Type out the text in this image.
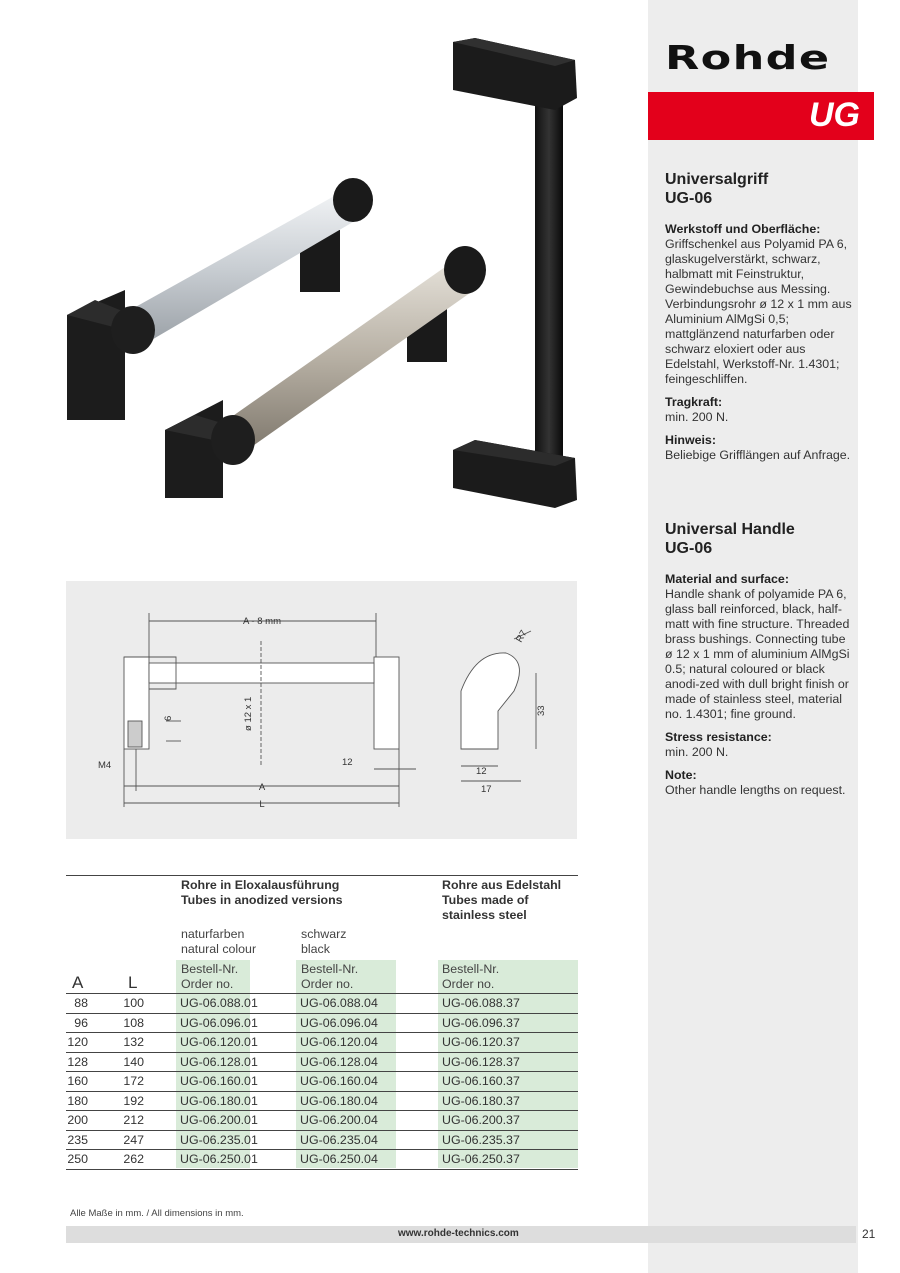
Rohde
UG
Universalgriff
UG-06
Werkstoff und Oberfläche:

Griffschenkel aus Polyamid PA 6, glaskugelverstärkt, schwarz, halbmatt mit Feinstruktur, Gewindebuchse aus Messing. Verbindungsrohr ø 12 x 1 mm aus Aluminium AlMgSi 0,5; mattglänzend naturfarben oder schwarz eloxiert oder aus Edelstahl, Werkstoff-Nr. 1.4301; feingeschliffen.

Tragkraft:

min. 200 N.

Hinweis:

Beliebige Grifflängen auf Anfrage.

Universal Handle
UG-06
Material and surface:

Handle shank of polyamide PA 6, glass ball reinforced, black, half-matt with fine structure. Threaded brass bushings. Connecting tube ø 12 x 1 mm of aluminium AlMgSi 0.5; natural coloured or black anodi-zed with dull bright finish or made of stainless steel, material no. 1.4301; fine ground.

Stress resistance:

min. 200 N.

Note:

Other handle lengths on request.

A - 8 mm
ø 12 x 1
6
M4	12
A
L
R7
33
12
17
Rohre in Eloxalausführung
Tubes in anodized versions
Rohre aus Edelstahl
Tubes made of
stainless steel
naturfarben
natural colour
schwarz
black
Bestell-Nr.
Order no.
Bestell-Nr.
Order no.
Bestell-Nr.
Order no.
A	L
88	100	UG-06.088.01	UG-06.088.04	UG-06.088.37
96	108	UG-06.096.01	UG-06.096.04	UG-06.096.37
120	132	UG-06.120.01	UG-06.120.04	UG-06.120.37
128	140	UG-06.128.01	UG-06.128.04	UG-06.128.37
160	172	UG-06.160.01	UG-06.160.04	UG-06.160.37
180	192	UG-06.180.01	UG-06.180.04	UG-06.180.37
200	212	UG-06.200.01	UG-06.200.04	UG-06.200.37
235	247	UG-06.235.01	UG-06.235.04	UG-06.235.37
250	262	UG-06.250.01	UG-06.250.04	UG-06.250.37
Alle Maße in mm. / All dimensions in mm.
www.rohde-technics.com	21
